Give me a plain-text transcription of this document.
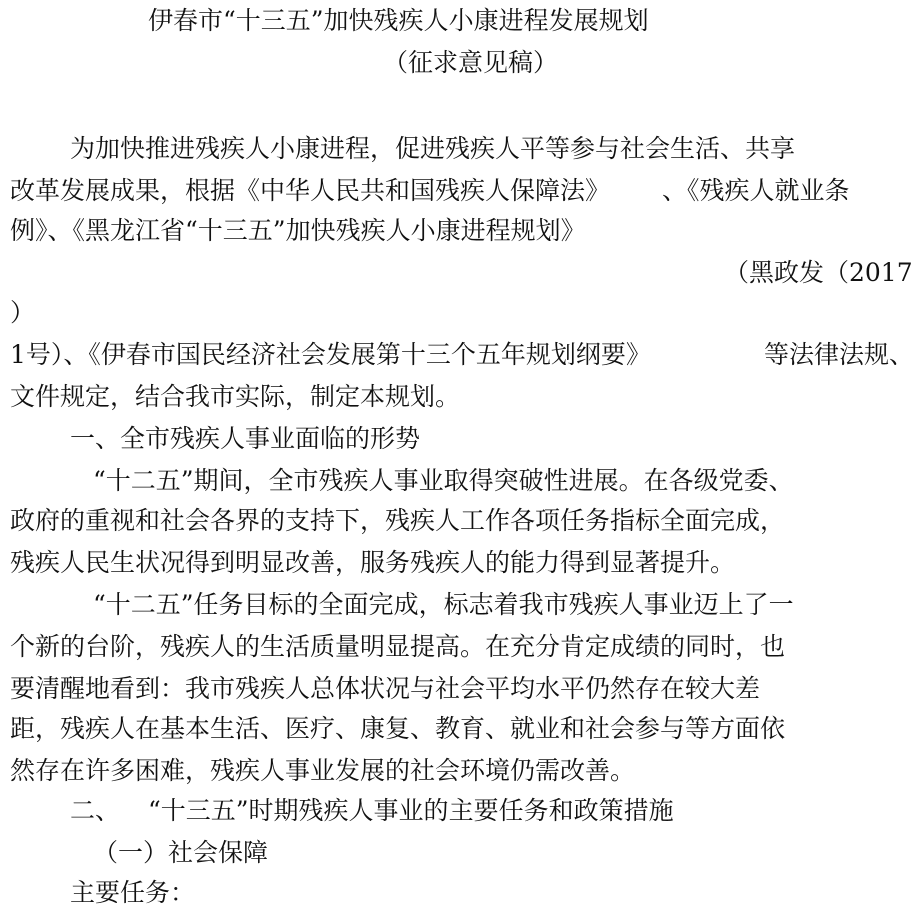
伊春市“十三五”加快残疾人小康进程发展规划
（征求意见稿）
为加快推进残疾人小康进程，促进残疾人平等参与社会生活、共享
改革发展成果，根据《中华人民共和国残疾人保障法》 、《残疾人就业条
例》、《黑龙江省“十三五”加快残疾人小康进程规划》
（黑政发（2017
）
1号）、《伊春市国民经济社会发展第十三个五年规划纲要》	等法律法规、
文件规定，结合我市实际，制定本规划。
一、全市残疾人事业面临的形势
“十二五”期间，全市残疾人事业取得突破性进展。在各级党委、
政府的重视和社会各界的支持下，残疾人工作各项任务指标全面完成，
残疾人民生状况得到明显改善，服务残疾人的能力得到显著提升。
“十二五”任务目标的全面完成，标志着我市残疾人事业迈上了一
个新的台阶，残疾人的生活质量明显提高。在充分肯定成绩的同时，也
要清醒地看到：我市残疾人总体状况与社会平均水平仍然存在较大差
距，残疾人在基本生活、医疗、康复、教育、就业和社会参与等方面依
然存在许多困难，残疾人事业发展的社会环境仍需改善。
二、 “十三五”时期残疾人事业的主要任务和政策措施
（一）社会保障
主要任务：
